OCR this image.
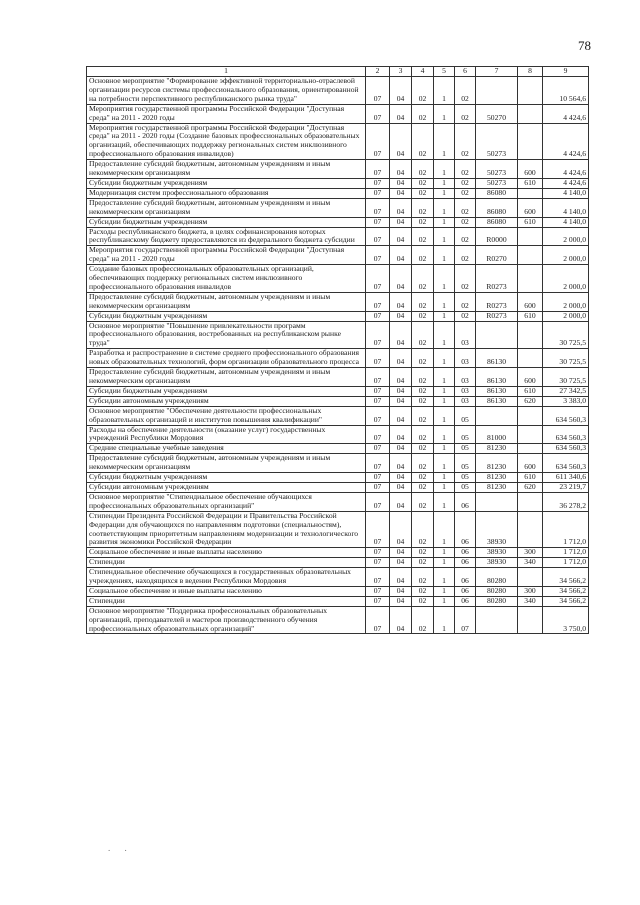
78
1	2	3	4	5	6	7	8	9
Основное мероприятие "Формирование эффективной территориально-отраслевой организации ресурсов системы профессионального образования, ориентированной на потребности перспективного республиканского рынка труда"	07	04	02	1	02			10 564,6
Мероприятия государственной программы Российской Федерации "Доступная среда" на 2011 - 2020 годы	07	04	02	1	02	50270		4 424,6
Мероприятия государственной программы Российской Федерации "Доступная среда" на 2011 - 2020 годы (Создание базовых профессиональных образовательных организаций, обеспечивающих поддержку региональных систем инклюзивного профессионального образования инвалидов)	07	04	02	1	02	50273		4 424,6
Предоставление субсидий бюджетным, автономным учреждениям и иным некоммерческим организациям	07	04	02	1	02	50273	600	4 424,6
Субсидии бюджетным учреждениям	07	04	02	1	02	50273	610	4 424,6
Модернизация систем профессионального образования	07	04	02	1	02	86080		4 140,0
Предоставление субсидий бюджетным, автономным учреждениям и иным некоммерческим организациям	07	04	02	1	02	86080	600	4 140,0
Субсидии бюджетным учреждениям	07	04	02	1	02	86080	610	4 140,0
Расходы республиканского бюджета, в целях софинансирования которых республиканскому бюджету предоставляются из федерального бюджета субсидии	07	04	02	1	02	R0000		2 000,0
Мероприятия государственной программы Российской Федерации "Доступная среда" на 2011 - 2020 годы	07	04	02	1	02	R0270		2 000,0
Создание базовых профессиональных образовательных организаций, обеспечивающих поддержку региональных систем инклюзивного профессионального образования инвалидов	07	04	02	1	02	R0273		2 000,0
Предоставление субсидий бюджетным, автономным учреждениям и иным некоммерческим организациям	07	04	02	1	02	R0273	600	2 000,0
Субсидии бюджетным учреждениям	07	04	02	1	02	R0273	610	2 000,0
Основное мероприятие "Повышение привлекательности программ профессионального образования, востребованных на республиканском рынке труда"	07	04	02	1	03			30 725,5
Разработка и распространение в системе среднего профессионального образования новых образовательных технологий, форм организации образовательного процесса	07	04	02	1	03	86130		30 725,5
Предоставление субсидий бюджетным, автономным учреждениям и иным некоммерческим организациям	07	04	02	1	03	86130	600	30 725,5
Субсидии бюджетным учреждениям	07	04	02	1	03	86130	610	27 342,5
Субсидии автономным учреждениям	07	04	02	1	03	86130	620	3 383,0
Основное мероприятие "Обеспечение деятельности профессиональных образовательных организаций и институтов повышения квалификации"	07	04	02	1	05			634 560,3
Расходы на обеспечение деятельности (оказание услуг) государственных учреждений Республики Мордовия	07	04	02	1	05	81000		634 560,3
Средние специальные учебные заведения	07	04	02	1	05	81230		634 560,3
Предоставление субсидий бюджетным, автономным учреждениям и иным некоммерческим организациям	07	04	02	1	05	81230	600	634 560,3
Субсидии бюджетным учреждениям	07	04	02	1	05	81230	610	611 340,6
Субсидии автономным учреждениям	07	04	02	1	05	81230	620	23 219,7
Основное мероприятие "Стипендиальное обеспечение обучающихся профессиональных образовательных организаций"	07	04	02	1	06			36 278,2
Стипендии Президента Российской Федерации и Правительства Российской Федерации для обучающихся по направлениям подготовки (специальностям), соответствующим приоритетным направлениям модернизации и технологического развития экономики Российской Федерации	07	04	02	1	06	38930		1 712,0
Социальное обеспечение и иные выплаты населению	07	04	02	1	06	38930	300	1 712,0
Стипендии	07	04	02	1	06	38930	340	1 712,0
Стипендиальное обеспечение обучающихся в государственных образовательных учреждениях, находящихся в ведении Республики Мордовия	07	04	02	1	06	80280		34 566,2
Социальное обеспечение и иные выплаты населению	07	04	02	1	06	80280	300	34 566,2
Стипендии	07	04	02	1	06	80280	340	34 566,2
Основное мероприятие "Поддержка профессиональных образовательных организаций, преподавателей и мастеров производственного обучения профессиональных образовательных организаций"	07	04	02	1	07			3 750,0
. .
